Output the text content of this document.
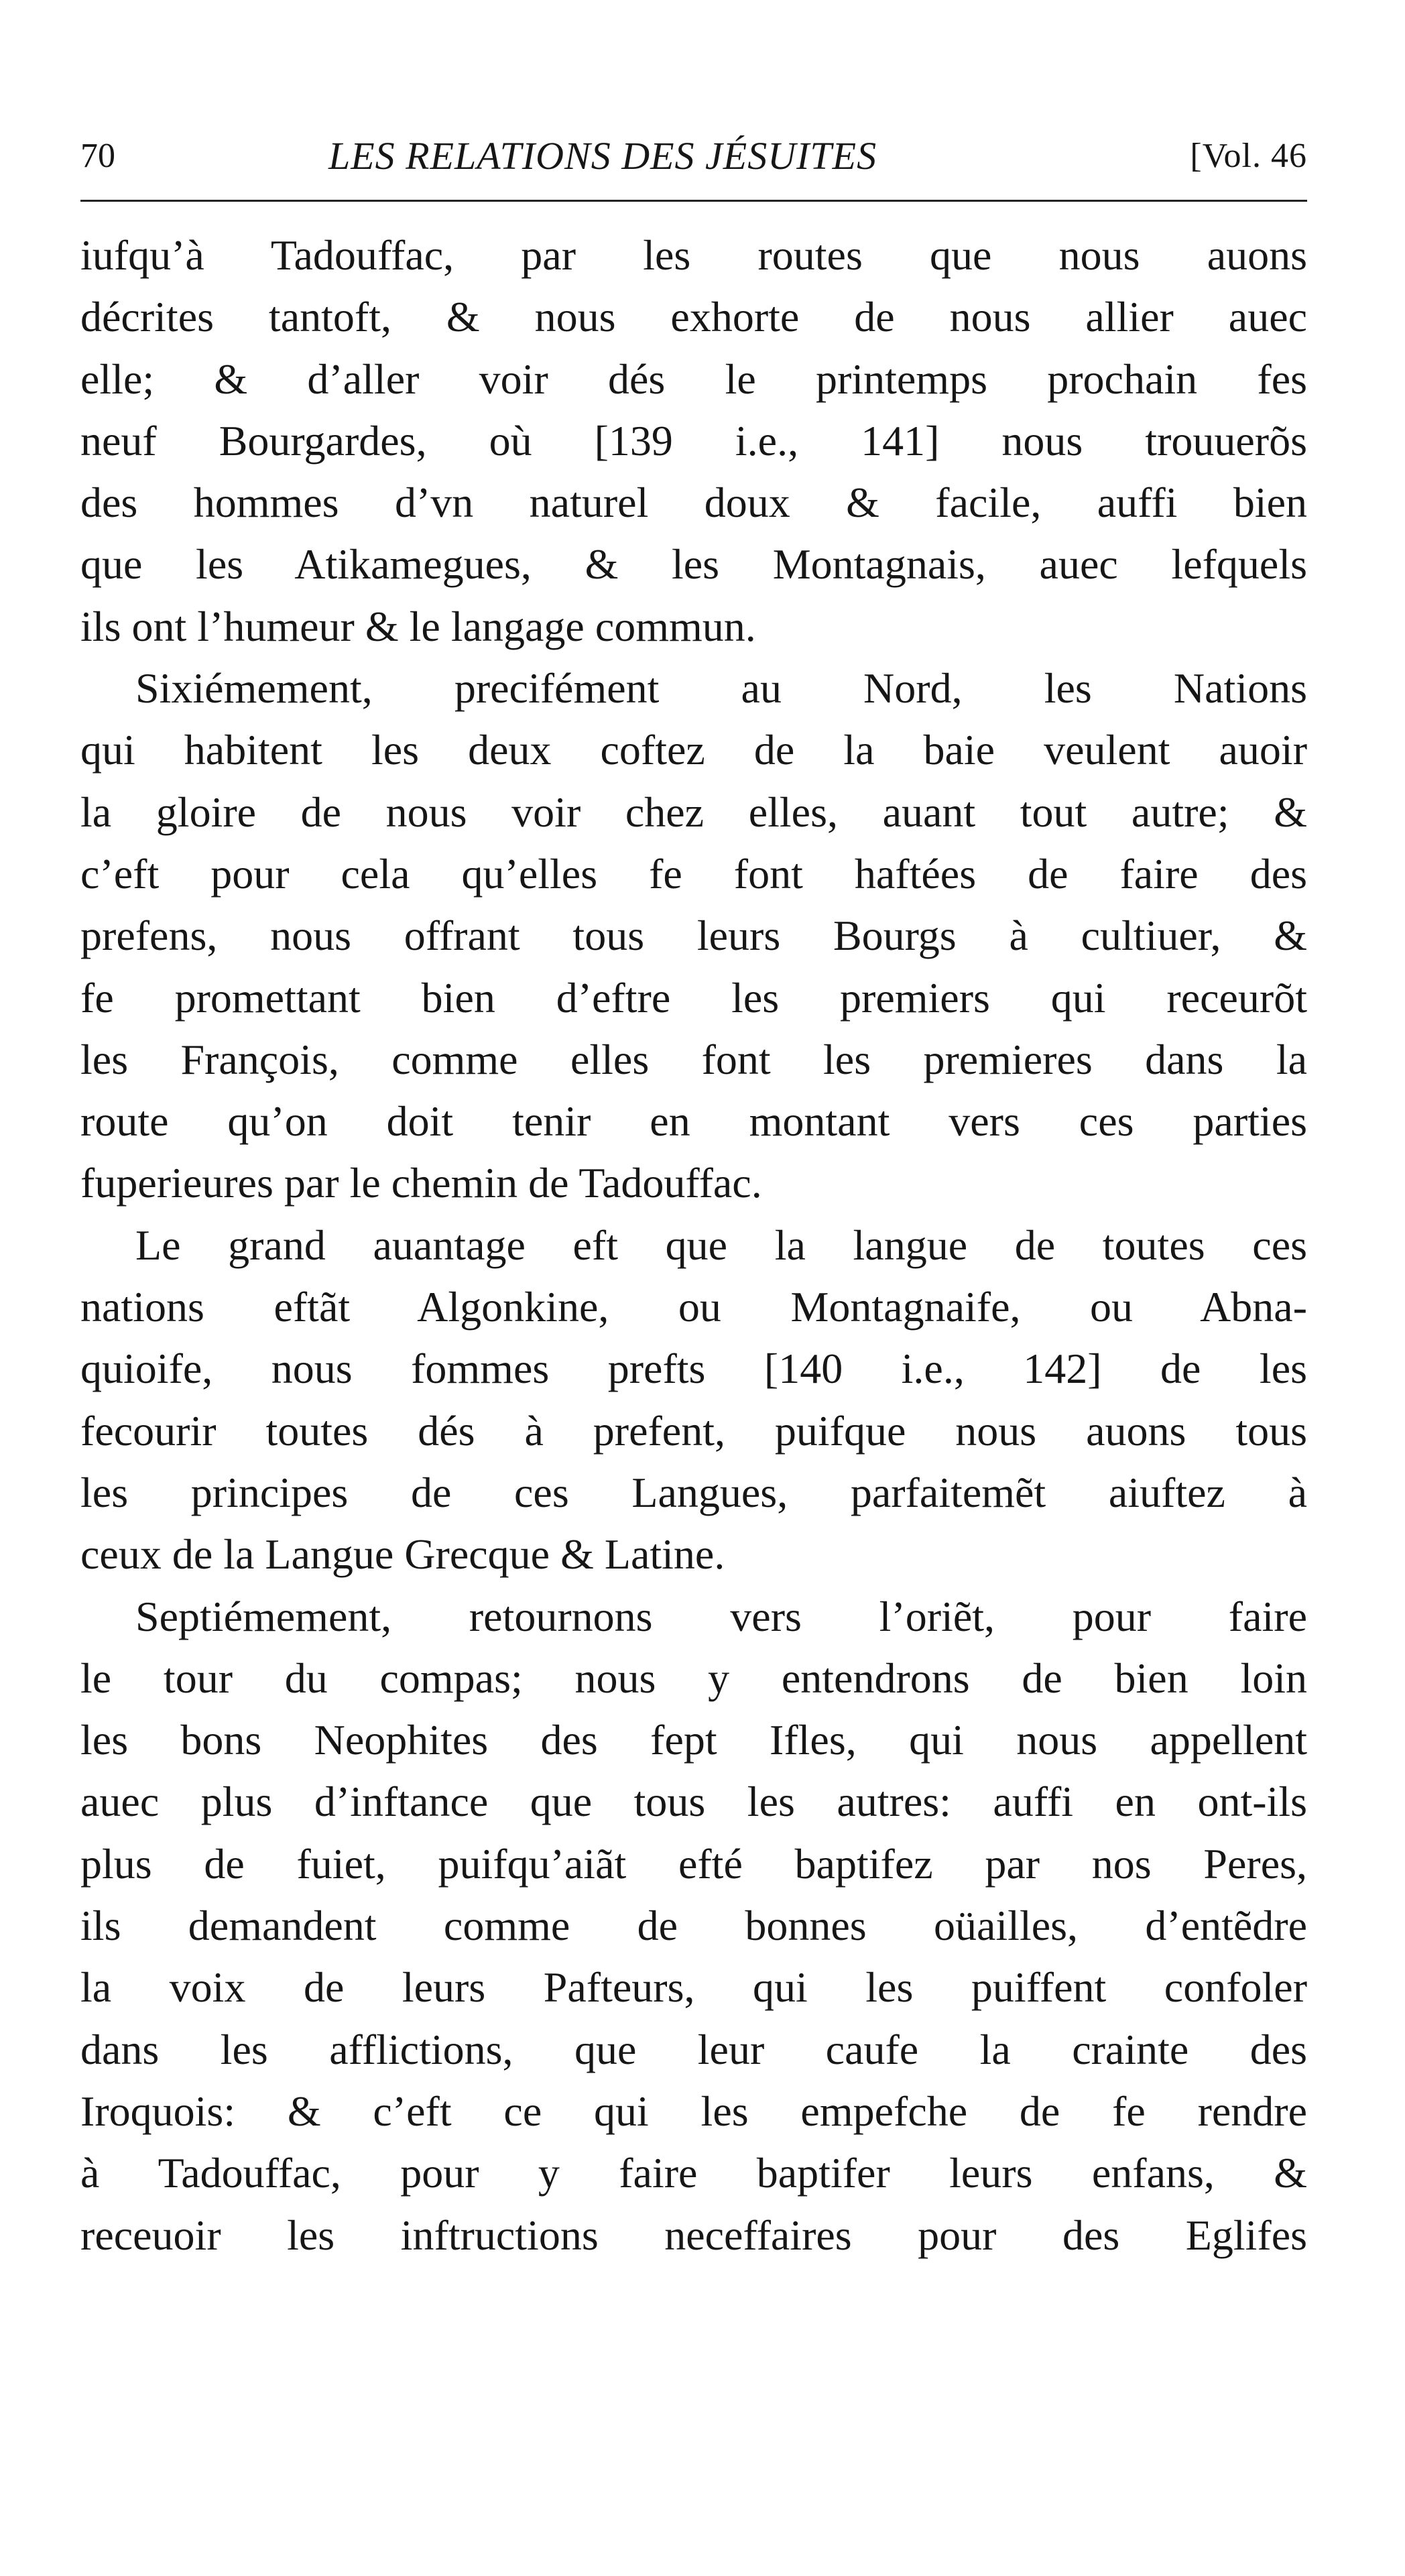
70	LES RELATIONS DES JÉSUITES	[Vol. 46
iufqu’à Tadouffac, par les routes que nous auons
décrites tantoft, & nous exhorte de nous allier auec
elle; & d’aller voir dés le printemps prochain fes
neuf Bourgardes, où [139 i.e., 141] nous trouuerõs
des hommes d’vn naturel doux & facile, auffi bien
que les Atikamegues, & les Montagnais, auec lefquels
ils ont l’humeur & le langage commun.
Sixiémement, precifément au Nord, les Nations
qui habitent les deux coftez de la baie veulent auoir
la gloire de nous voir chez elles, auant tout autre; &
c’eft pour cela qu’elles fe font haftées de faire des
prefens, nous offrant tous leurs Bourgs à cultiuer, &
fe promettant bien d’eftre les premiers qui receurõt
les François, comme elles font les premieres dans la
route qu’on doit tenir en montant vers ces parties
fuperieures par le chemin de Tadouffac.
Le grand auantage eft que la langue de toutes ces
nations eftãt Algonkine, ou Montagnaife, ou Abna-
quioife, nous fommes prefts [140 i.e., 142] de les
fecourir toutes dés à prefent, puifque nous auons tous
les principes de ces Langues, parfaitemẽt aiuftez à
ceux de la Langue Grecque & Latine.
Septiémement, retournons vers l’oriẽt, pour faire
le tour du compas; nous y entendrons de bien loin
les bons Neophites des fept Ifles, qui nous appellent
auec plus d’inftance que tous les autres: auffi en ont-ils
plus de fuiet, puifqu’aiãt efté baptifez par nos Peres,
ils demandent comme de bonnes oüailles, d’entẽdre
la voix de leurs Pafteurs, qui les puiffent confoler
dans les afflictions, que leur caufe la crainte des
Iroquois: & c’eft ce qui les empefche de fe rendre
à Tadouffac, pour y faire baptifer leurs enfans, &
receuoir les inftructions neceffaires pour des Eglifes
